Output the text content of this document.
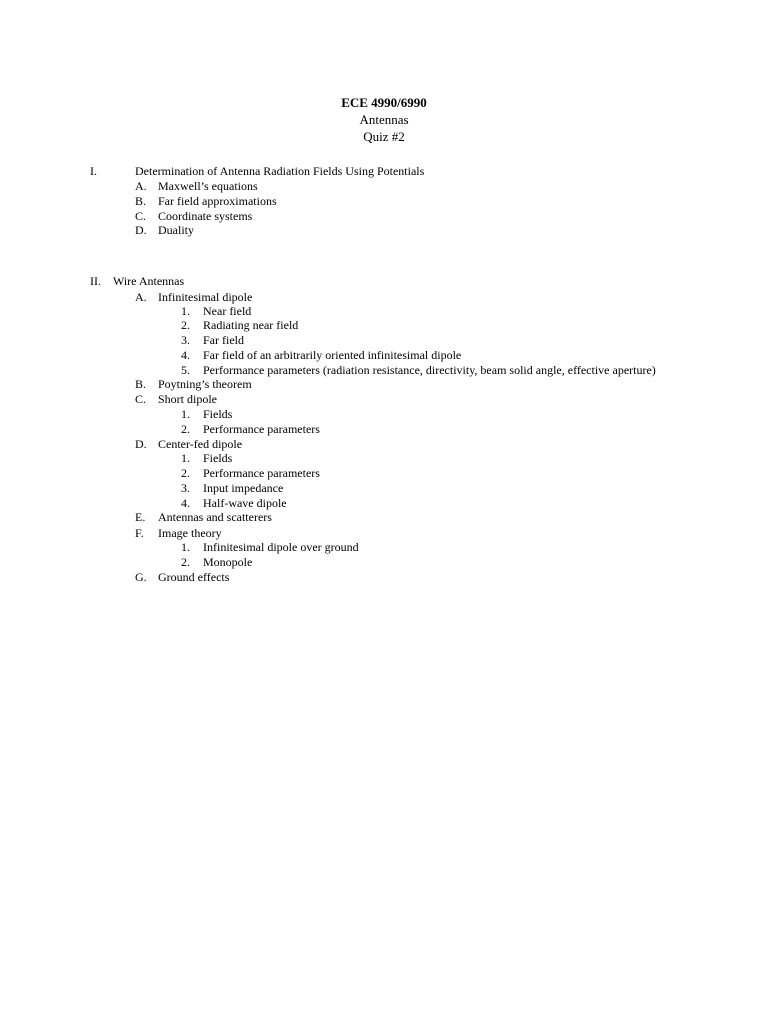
ECE 4990/6990
Antennas
Quiz #2
I.	Determination of Antenna Radiation Fields Using Potentials
A. Maxwell’s equations
B. Far field approximations
C. Coordinate systems
D. Duality
II. Wire Antennas
A. Infinitesimal dipole
1. Near field
2. Radiating near field
3. Far field
4. Far field of an arbitrarily oriented infinitesimal dipole
5. Performance parameters (radiation resistance, directivity, beam solid angle, effective aperture)
B. Poytning’s theorem
C. Short dipole
1. Fields
2. Performance parameters
D. Center-fed dipole
1. Fields
2. Performance parameters
3. Input impedance
4. Half-wave dipole
E. Antennas and scatterers
F. Image theory
1. Infinitesimal dipole over ground
2. Monopole
G. Ground effects
